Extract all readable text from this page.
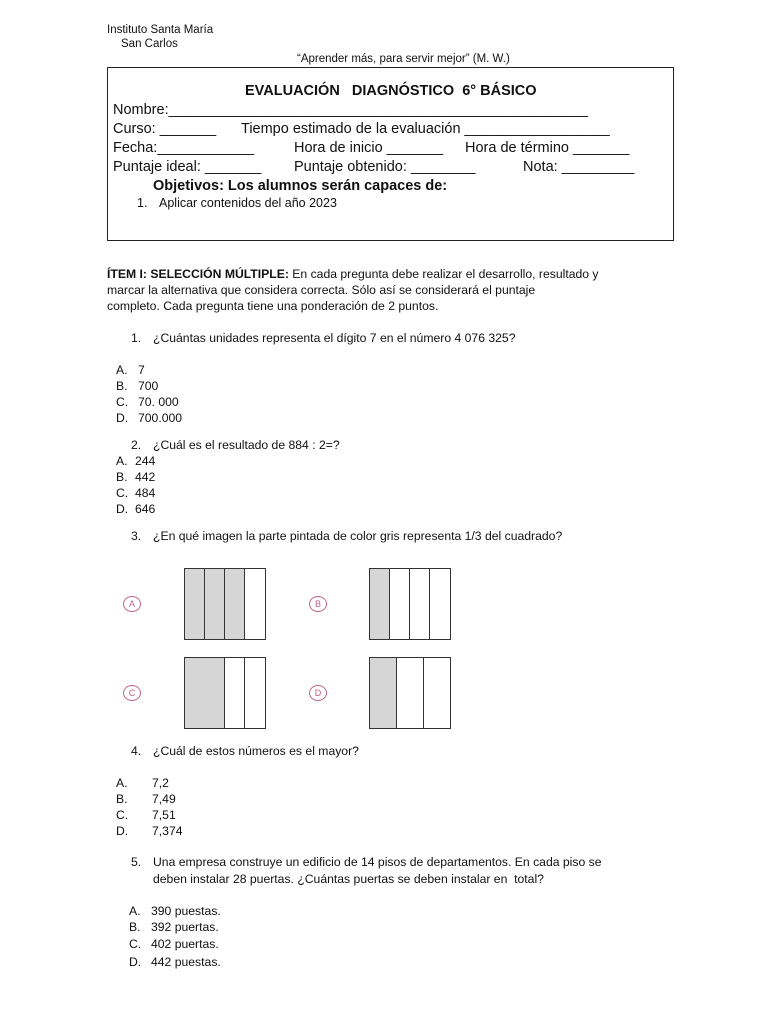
Instituto Santa María
San Carlos
“Aprender más, para servir mejor” (M. W.)
EVALUACIÓN   DIAGNÓSTICO  6° BÁSICO
Nombre:____________________________________________________
Curso: _______ Tiempo estimado de la evaluación __________________
Fecha:____________	Hora de inicio _______ Hora de término _______
Puntaje ideal: _______ Puntaje obtenido: ________	Nota: _________
Objetivos: Los alumnos serán capaces de:
1. Aplicar contenidos del año 2023
ÍTEM I: SELECCIÓN MÚLTIPLE: En cada pregunta debe realizar el desarrollo, resultado y
marcar la alternativa que considera correcta. Sólo así se considerará el puntaje
completo. Cada pregunta tiene una ponderación de 2 puntos.
1. ¿Cuántas unidades representa el dígito 7 en el número 4 076 325?
A. 7
B. 700
C. 70. 000
D. 700.000
2. ¿Cuál es el resultado de 884 : 2=?
A. 244
B. 442
C. 484
D. 646
3. ¿En qué imagen la parte pintada de color gris representa 1/3 del cuadrado?
A	B
C	D
4. ¿Cuál de estos números es el mayor?
A. 7,2
B. 7,49
C. 7,51
D. 7,374
5. Una empresa construye un edificio de 14 pisos de departamentos. En cada piso se
deben instalar 28 puertas. ¿Cuántas puertas se deben instalar en  total?
A. 390 puestas.
B. 392 puertas.
C. 402 puertas.
D. 442 puestas.
